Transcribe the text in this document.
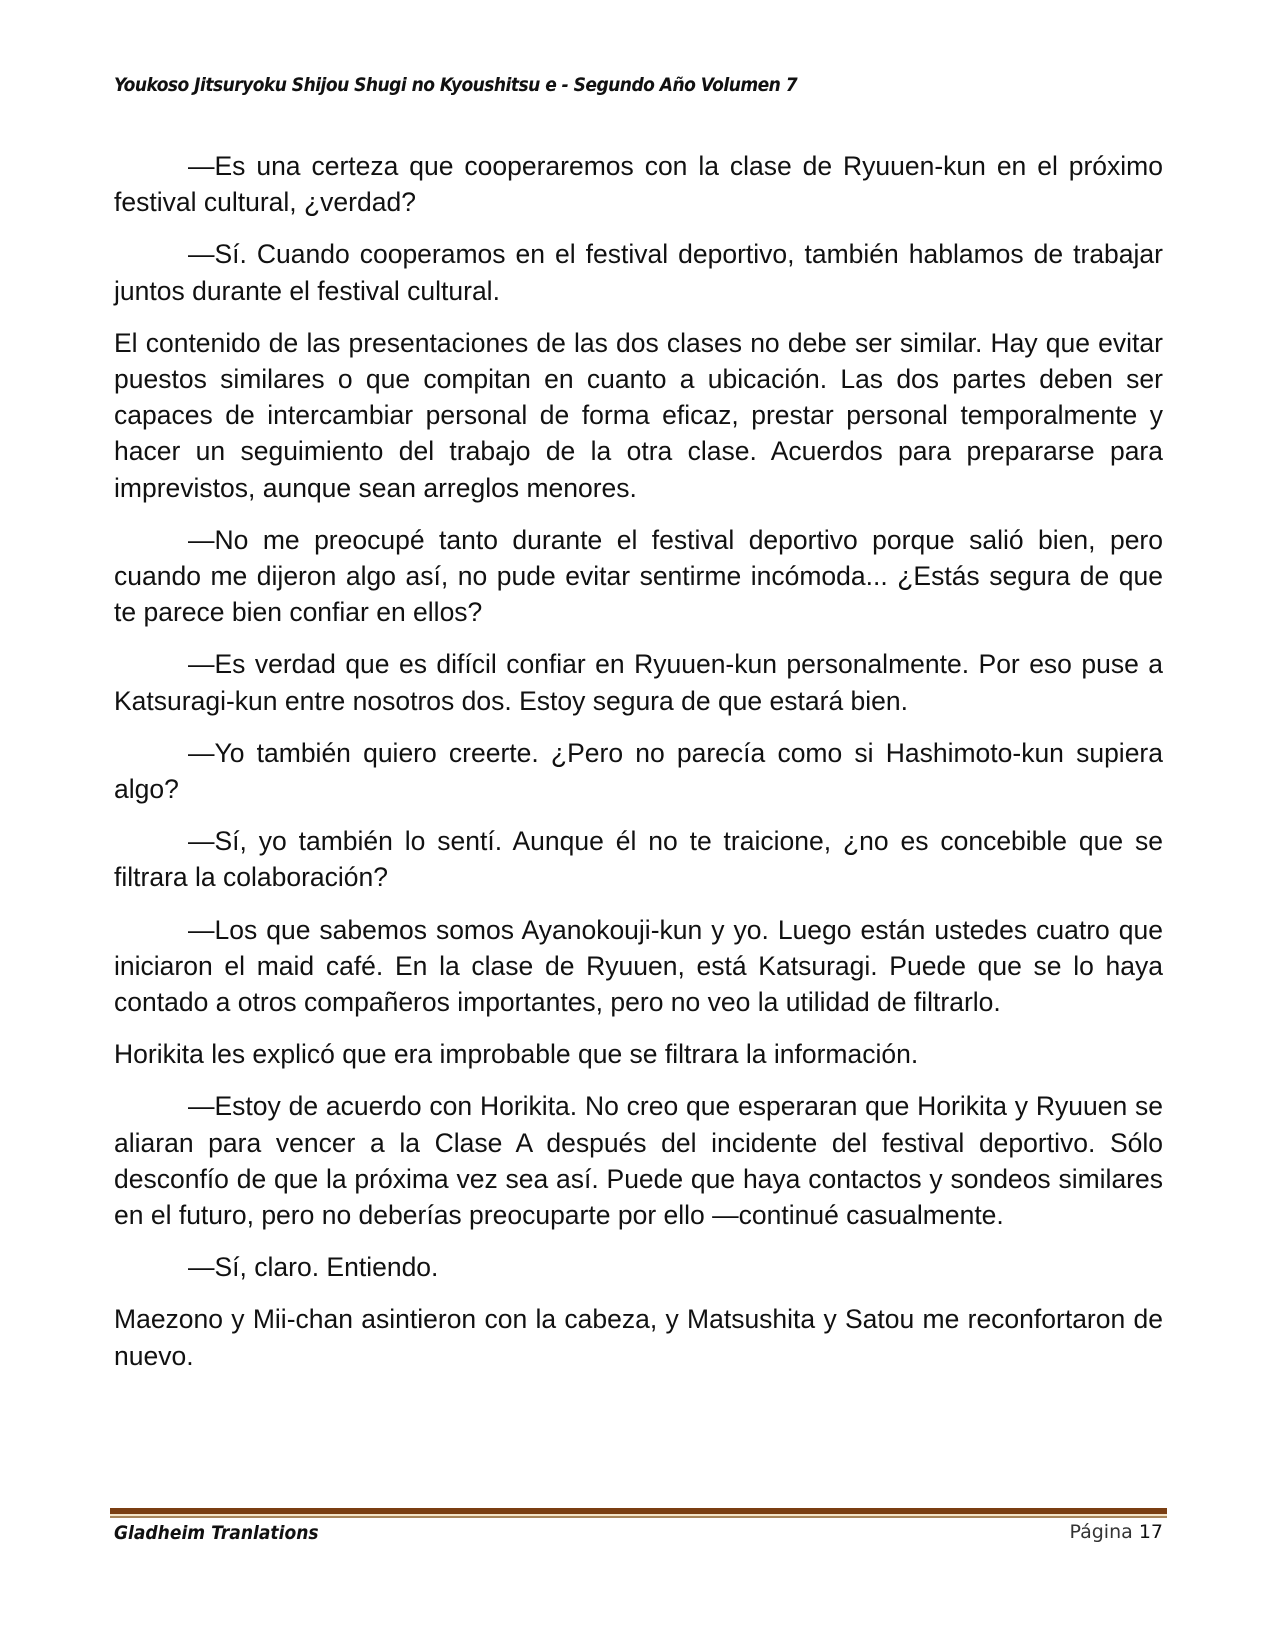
Youkoso Jitsuryoku Shijou Shugi no Kyoushitsu e - Segundo Año Volumen 7

—Es una certeza que cooperaremos con la clase de Ryuuen-kun en el próximo festival cultural, ¿verdad?

—Sí. Cuando cooperamos en el festival deportivo, también hablamos de trabajar juntos durante el festival cultural.

El contenido de las presentaciones de las dos clases no debe ser similar. Hay que evitar puestos similares o que compitan en cuanto a ubicación. Las dos partes deben ser capaces de intercambiar personal de forma eficaz, prestar personal temporalmente y hacer un seguimiento del trabajo de la otra clase. Acuerdos para prepararse para imprevistos, aunque sean arreglos menores.

—No me preocupé tanto durante el festival deportivo porque salió bien, pero cuando me dijeron algo así, no pude evitar sentirme incómoda... ¿Estás segura de que te parece bien confiar en ellos?

—Es verdad que es difícil confiar en Ryuuen-kun personalmente. Por eso puse a Katsuragi-kun entre nosotros dos. Estoy segura de que estará bien.

—Yo también quiero creerte. ¿Pero no parecía como si Hashimoto-kun supiera algo?

—Sí, yo también lo sentí. Aunque él no te traicione, ¿no es concebible que se filtrara la colaboración?

—Los que sabemos somos Ayanokouji-kun y yo. Luego están ustedes cuatro que iniciaron el maid café. En la clase de Ryuuen, está Katsuragi. Puede que se lo haya contado a otros compañeros importantes, pero no veo la utilidad de filtrarlo.

Horikita les explicó que era improbable que se filtrara la información.

—Estoy de acuerdo con Horikita. No creo que esperaran que Horikita y Ryuuen se aliaran para vencer a la Clase A después del incidente del festival deportivo. Sólo desconfío de que la próxima vez sea así. Puede que haya contactos y sondeos similares en el futuro, pero no deberías preocuparte por ello —continué casualmente.

—Sí, claro. Entiendo.

Maezono y Mii-chan asintieron con la cabeza, y Matsushita y Satou me reconfortaron de nuevo.

Gladheim Tranlations	Página 17
